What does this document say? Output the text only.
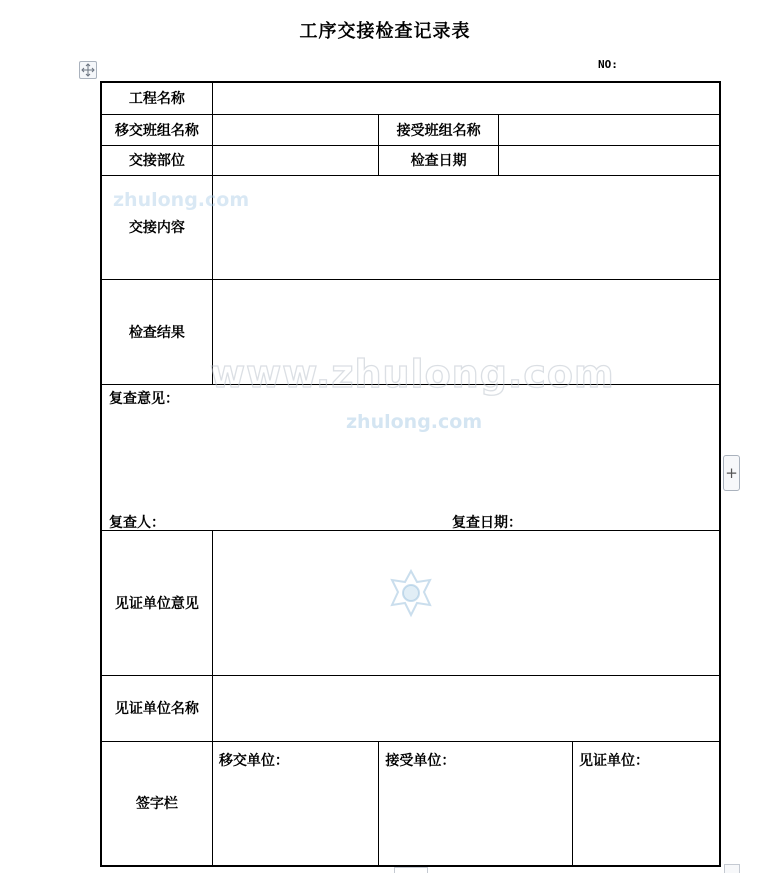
工序交接检查记录表
NO:
工程名称				
移交班组名称		接受班组名称		
交接部位		检查日期		
交接内容				
检查结果				

复查意见：
复查人： 复查日期：				

见证单位意见				
见证单位名称				
签字栏	移交单位：	接受单位：		见证单位：
zhulong.com
www.zhulong.com
zhulong.com
+
